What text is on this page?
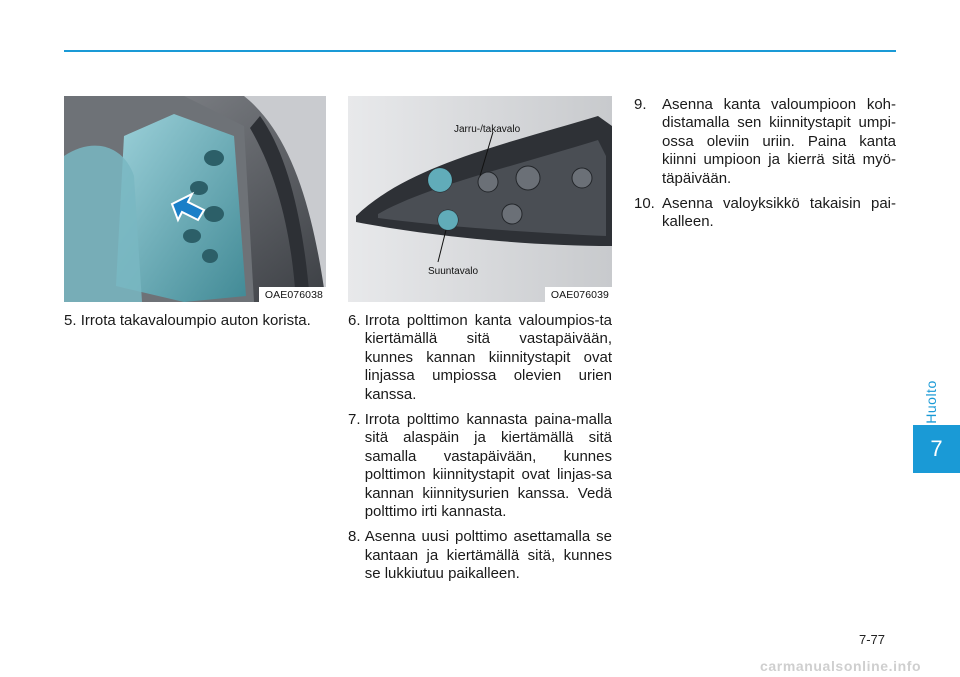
OAE076038
Jarru-/takavalo
Suuntavalo
OAE076039
5. Irrota takavaloumpio auton korista.	6. Irrota polttimon kanta valoumpios-ta kiertämällä sitä vastapäivään, kunnes kannan kiinnitystapit ovat linjassa umpiossa olevien urien kanssa.
7. Irrota polttimo kannasta paina-malla sitä alaspäin ja kiertämällä sitä samalla vastapäivään, kunnes polttimon kiinnitystapit ovat linjas-sa kannan kiinnitysurien kanssa. Vedä polttimo irti kannasta.
8. Asenna uusi polttimo asettamalla se kantaan ja kiertämällä sitä, kunnes se lukkiutuu paikalleen.
9. Asenna kanta valoumpioon koh-distamalla sen kiinnitystapit umpi-ossa oleviin uriin. Paina kanta kiinni umpioon ja kierrä sitä myö-täpäivään.
10. Asenna valoyksikkö takaisin pai-kalleen.
Huolto
7
7-77
carmanualsonline.info
